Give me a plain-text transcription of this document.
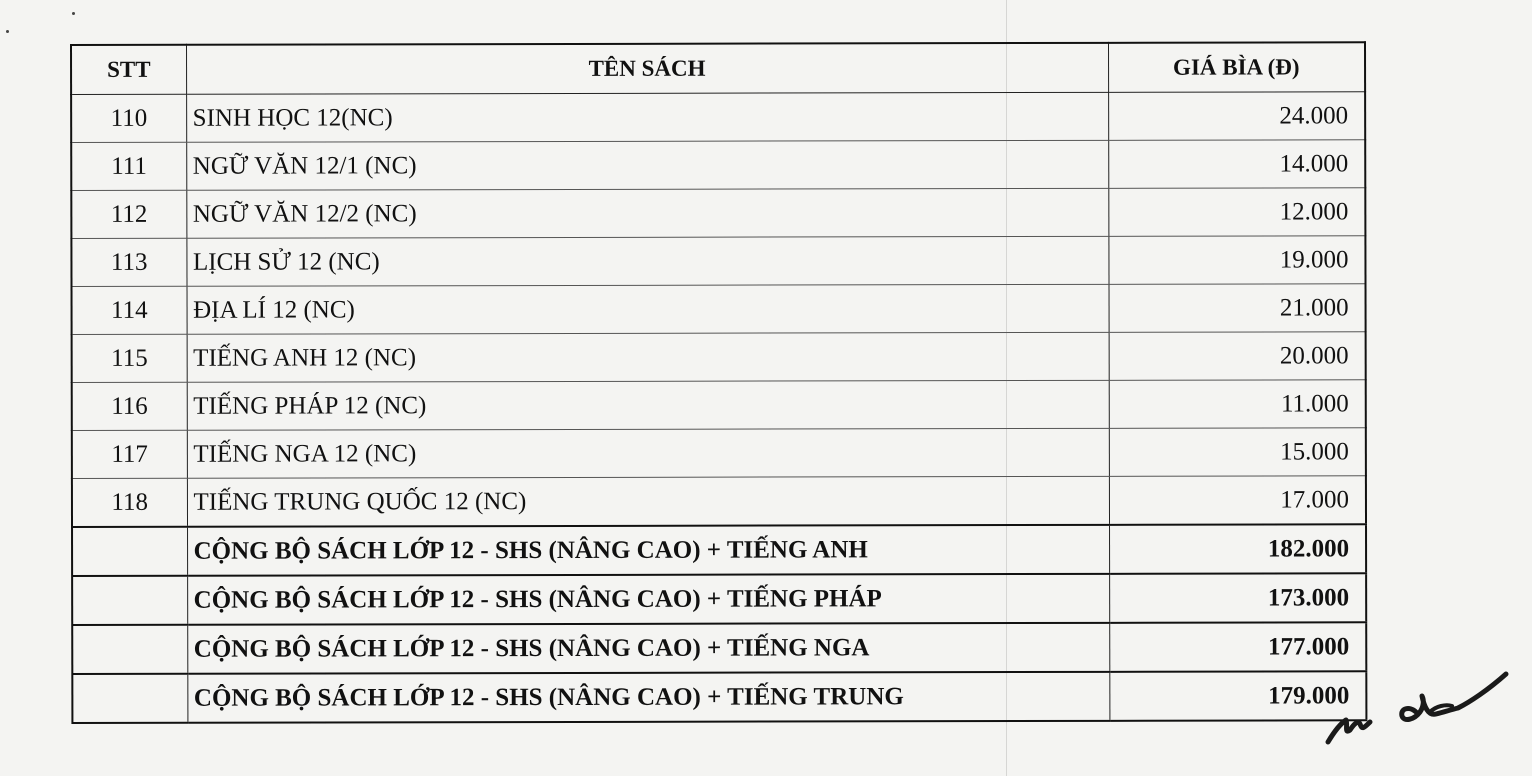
STT	TÊN SÁCH	GIÁ BÌA (Đ)
110	SINH HỌC 12(NC)	24.000
111	NGỮ VĂN 12/1 (NC)	14.000
112	NGỮ VĂN 12/2 (NC)	12.000
113	LỊCH SỬ 12 (NC)	19.000
114	ĐỊA LÍ 12 (NC)	21.000
115	TIẾNG ANH 12 (NC)	20.000
116	TIẾNG PHÁP 12 (NC)	11.000
117	TIẾNG NGA 12 (NC)	15.000
118	TIẾNG TRUNG QUỐC 12 (NC)	17.000
	CỘNG BỘ SÁCH LỚP 12 - SHS (NÂNG CAO) + TIẾNG ANH	182.000
	CỘNG BỘ SÁCH LỚP 12 - SHS (NÂNG CAO) + TIẾNG PHÁP	173.000
	CỘNG BỘ SÁCH LỚP 12 - SHS (NÂNG CAO) + TIẾNG NGA	177.000
	CỘNG BỘ SÁCH LỚP 12 - SHS (NÂNG CAO) + TIẾNG TRUNG	179.000
